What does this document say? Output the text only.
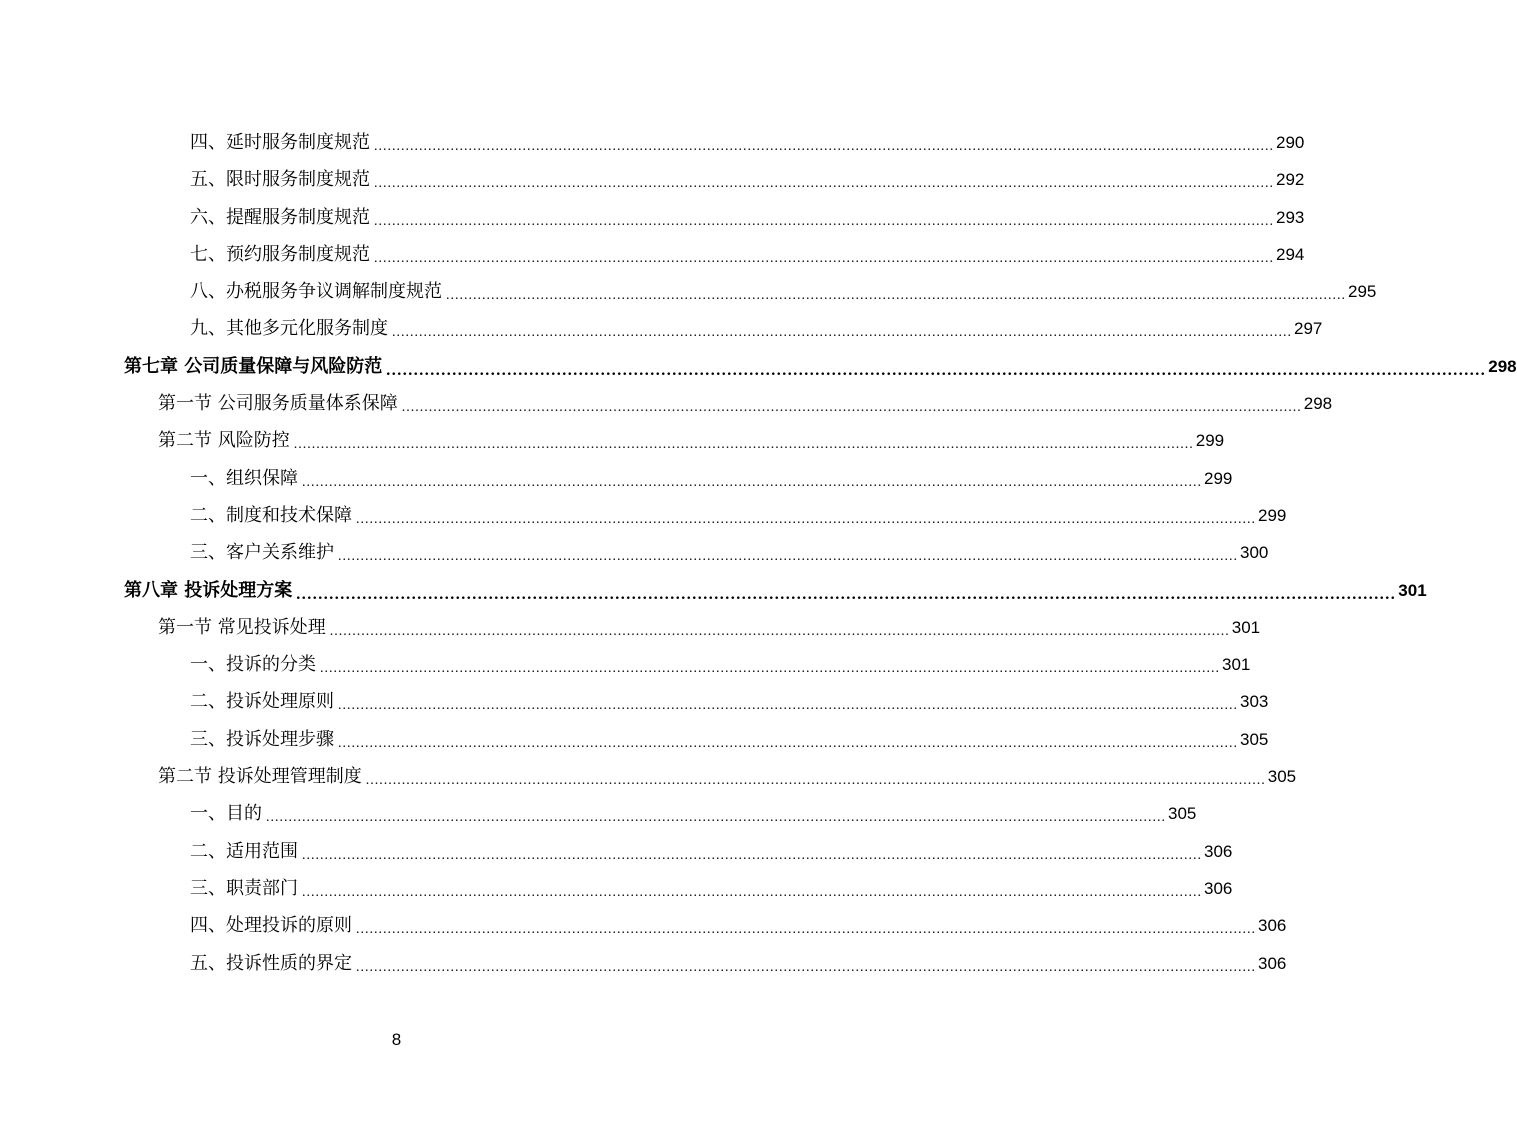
四、延时服务制度规范 ........................................................................................................................................................................................................ 290
五、限时服务制度规范 ........................................................................................................................................................................................................ 292
六、提醒服务制度规范 ........................................................................................................................................................................................................ 293
七、预约服务制度规范 ........................................................................................................................................................................................................ 294
八、办税服务争议调解制度规范 ........................................................................................................................................................................................................ 295
九、其他多元化服务制度 ........................................................................................................................................................................................................ 297
第七章 公司质量保障与风险防范 ........................................................................................................................................................................................................ 298
第一节 公司服务质量体系保障 ........................................................................................................................................................................................................ 298
第二节 风险防控 ........................................................................................................................................................................................................ 299
一、组织保障 ........................................................................................................................................................................................................ 299
二、制度和技术保障 ........................................................................................................................................................................................................ 299
三、客户关系维护 ........................................................................................................................................................................................................ 300
第八章 投诉处理方案 ........................................................................................................................................................................................................ 301
第一节 常见投诉处理 ........................................................................................................................................................................................................ 301
一、投诉的分类 ........................................................................................................................................................................................................ 301
二、投诉处理原则 ........................................................................................................................................................................................................ 303
三、投诉处理步骤 ........................................................................................................................................................................................................ 305
第二节 投诉处理管理制度 ........................................................................................................................................................................................................ 305
一、目的 ........................................................................................................................................................................................................ 305
二、适用范围 ........................................................................................................................................................................................................ 306
三、职责部门 ........................................................................................................................................................................................................ 306
四、处理投诉的原则 ........................................................................................................................................................................................................ 306
五、投诉性质的界定 ........................................................................................................................................................................................................ 306
8
